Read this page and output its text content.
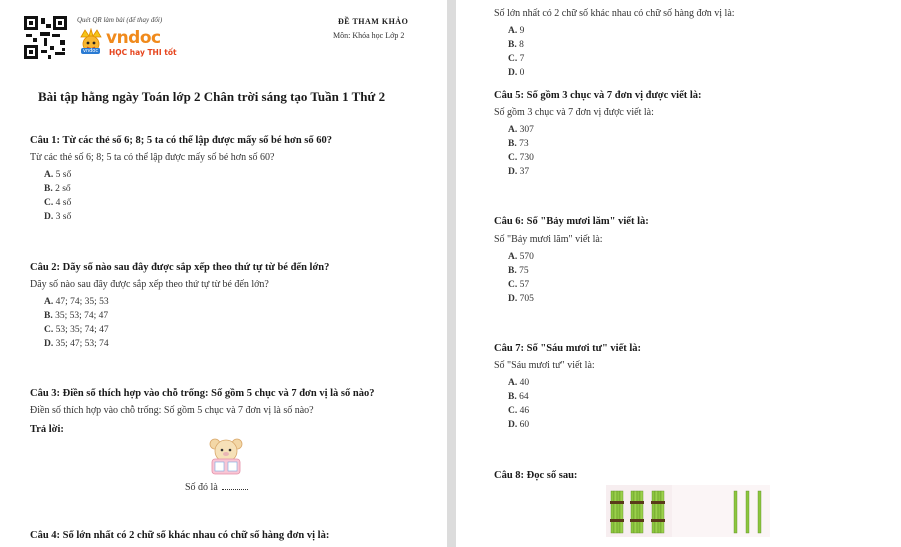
Quét QR làm bài (để thay đổi)
vndoc
vndoc
HỌC hay THI tốt
ĐỀ THAM KHẢO
Môn: Khóa học Lớp 2
Bài tập hằng ngày Toán lớp 2 Chân trời sáng tạo Tuần 1 Thứ 2
Câu 1: Từ các thẻ số 6; 8; 5 ta có thể lập được mấy số bé hơn số 60?
Từ các thẻ số 6; 8; 5 ta có thể lập được mấy số bé hơn số 60?
A. 5 số
B. 2 số
C. 4 số
D. 3 số
Câu 2: Dãy số nào sau đây được sắp xếp theo thứ tự từ bé đến lớn?
Dãy số nào sau đây được sắp xếp theo thứ tự từ bé đến lớn?
A. 47; 74; 35; 53
B. 35; 53; 74; 47
C. 53; 35; 74; 47
D. 35; 47; 53; 74
Câu 3: Điền số thích hợp vào chỗ trống: Số gồm 5 chục và 7 đơn vị là số nào?
Điền số thích hợp vào chỗ trống: Số gồm 5 chục và 7 đơn vị là số nào?
Trả lời:
Số đó là
Câu 4: Số lớn nhất có 2 chữ số khác nhau có chữ số hàng đơn vị là:
Số lớn nhất có 2 chữ số khác nhau có chữ số hàng đơn vị là:
A. 9
B. 8
C. 7
D. 0
Câu 5: Số gồm 3 chục và 7 đơn vị được viết là:
Số gồm 3 chục và 7 đơn vị được viết là:
A. 307
B. 73
C. 730
D. 37
Câu 6: Số "Bảy mươi lăm" viết là:
Số "Bảy mươi lăm" viết là:
A. 570
B. 75
C. 57
D. 705
Câu 7: Số "Sáu mươi tư" viết là:
Số "Sáu mươi tư" viết là:
A. 40
B. 64
C. 46
D. 60
Câu 8: Đọc số sau:
